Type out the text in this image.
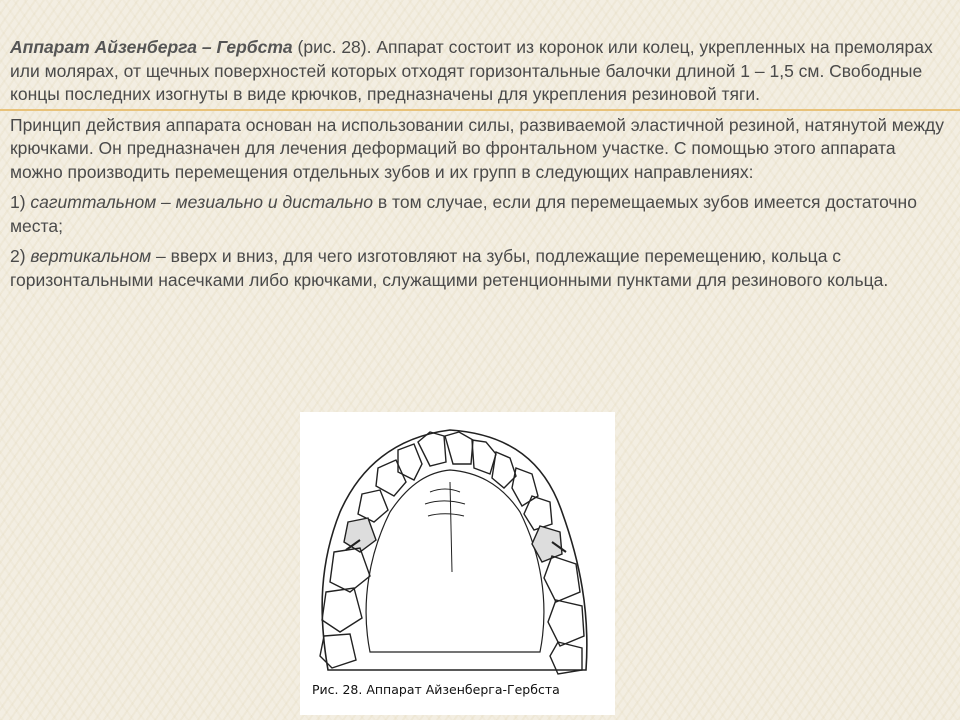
Аппарат Айзенберга – Гербста (рис. 28). Аппарат состоит из коронок или колец, укрепленных на премолярах или молярах, от щечных поверхностей которых отходят горизонтальные балочки длиной 1 – 1,5 см. Свободные концы последних изогнуты в виде крючков, предназначены для укрепления резиновой тяги.

Принцип действия аппарата основан на использовании силы, развиваемой эластичной резиной, натянутой между крючками. Он предназначен для лечения деформаций во фронтальном участке. С помощью этого аппарата можно производить перемещения отдельных зубов и их групп в следующих направлениях:

1) сагиттальном – мезиально и дистально в том случае, если для перемещаемых зубов имеется достаточно места;

2) вертикальном – вверх и вниз, для чего изготовляют на зубы, подлежащие перемещению, кольца с горизонтальными насечками либо крючками, служащими ретенционными пунктами для резинового кольца.

Рис. 28. Аппарат Айзенберга-Гербста
